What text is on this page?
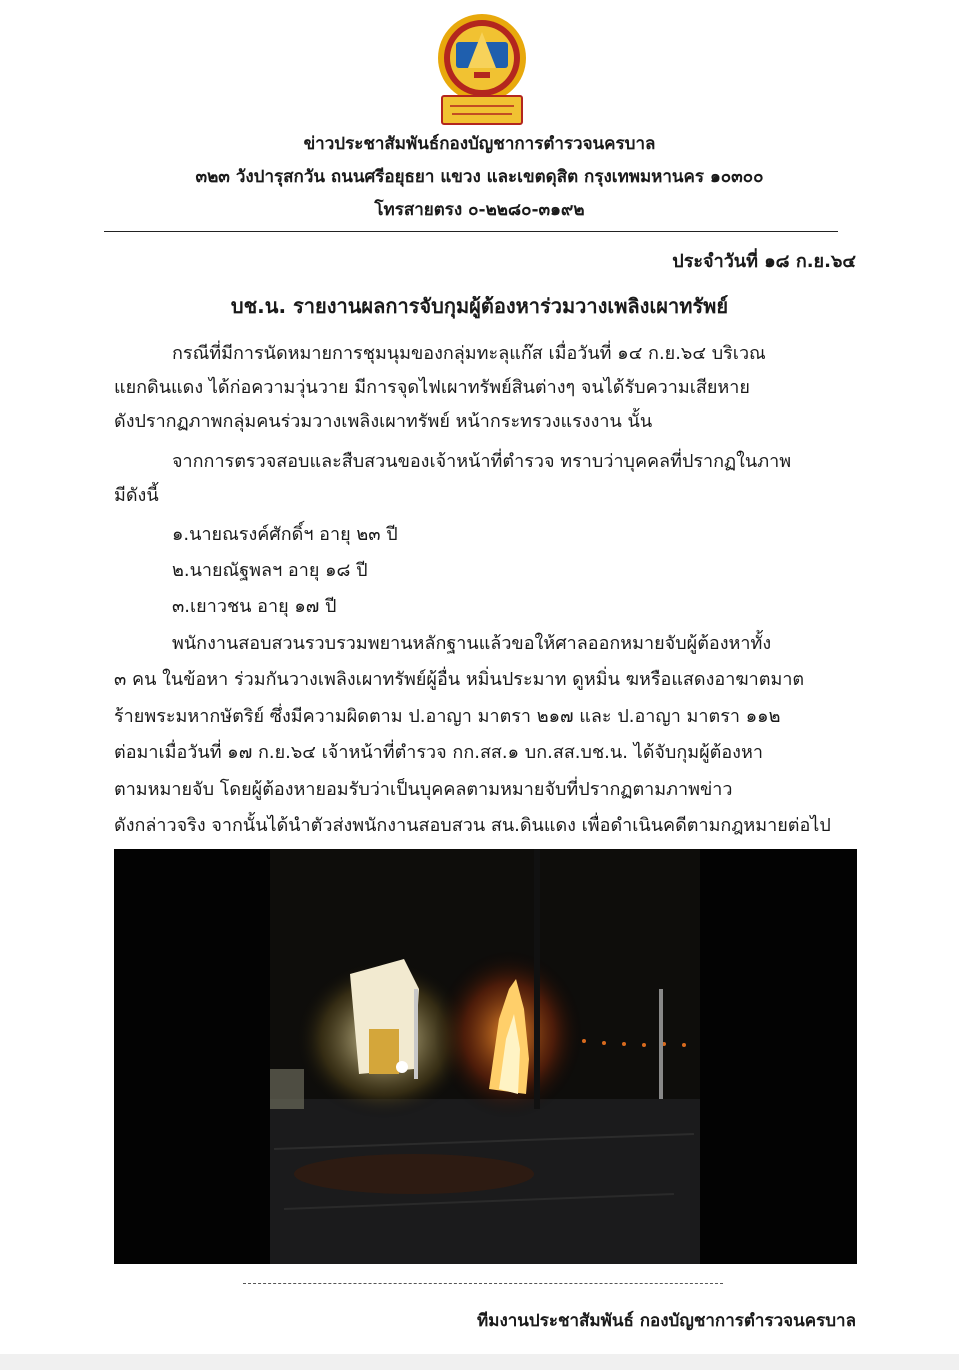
ข่าวประชาสัมพันธ์กองบัญชาการตำรวจนครบาล
๓๒๓ วังปารุสกวัน ถนนศรีอยุธยา แขวง และเขตดุสิต กรุงเทพมหานคร ๑๐๓๐๐
โทรสายตรง ๐-๒๒๘๐-๓๑๙๒
ประจำวันที่ ๑๘ ก.ย.๖๔
บช.น. รายงานผลการจับกุมผู้ต้องหาร่วมวางเพลิงเผาทรัพย์
กรณีที่มีการนัดหมายการชุมนุมของกลุ่มทะลุแก๊ส เมื่อวันที่ ๑๔ ก.ย.๖๔ บริเวณ
แยกดินแดง ได้ก่อความวุ่นวาย มีการจุดไฟเผาทรัพย์สินต่างๆ จนได้รับความเสียหาย
ดังปรากฏภาพกลุ่มคนร่วมวางเพลิงเผาทรัพย์ หน้ากระทรวงแรงงาน นั้น
จากการตรวจสอบและสืบสวนของเจ้าหน้าที่ตำรวจ ทราบว่าบุคคลที่ปรากฏในภาพ
มีดังนี้
๑.นายณรงค์ศักดิ์ฯ อายุ ๒๓ ปี
๒.นายณัฐพลฯ อายุ ๑๘ ปี
๓.เยาวชน อายุ ๑๗ ปี
พนักงานสอบสวนรวบรวมพยานหลักฐานแล้วขอให้ศาลออกหมายจับผู้ต้องหาทั้ง
๓ คน ในข้อหา ร่วมกันวางเพลิงเผาทรัพย์ผู้อื่น หมิ่นประมาท ดูหมิ่น ฆหรือแสดงอาฆาตมาต
ร้ายพระมหากษัตริย์ ซึ่งมีความผิดตาม ป.อาญา มาตรา ๒๑๗ และ ป.อาญา มาตรา ๑๑๒
ต่อมาเมื่อวันที่ ๑๗ ก.ย.๖๔ เจ้าหน้าที่ตำรวจ กก.สส.๑ บก.สส.บช.น. ได้จับกุมผู้ต้องหา
ตามหมายจับ โดยผู้ต้องหายอมรับว่าเป็นบุคคลตามหมายจับที่ปรากฏตามภาพข่าว
ดังกล่าวจริง จากนั้นได้นำตัวส่งพนักงานสอบสวน สน.ดินแดง เพื่อดำเนินคดีตามกฎหมายต่อไป
ทีมงานประชาสัมพันธ์ กองบัญชาการตำรวจนครบาล
